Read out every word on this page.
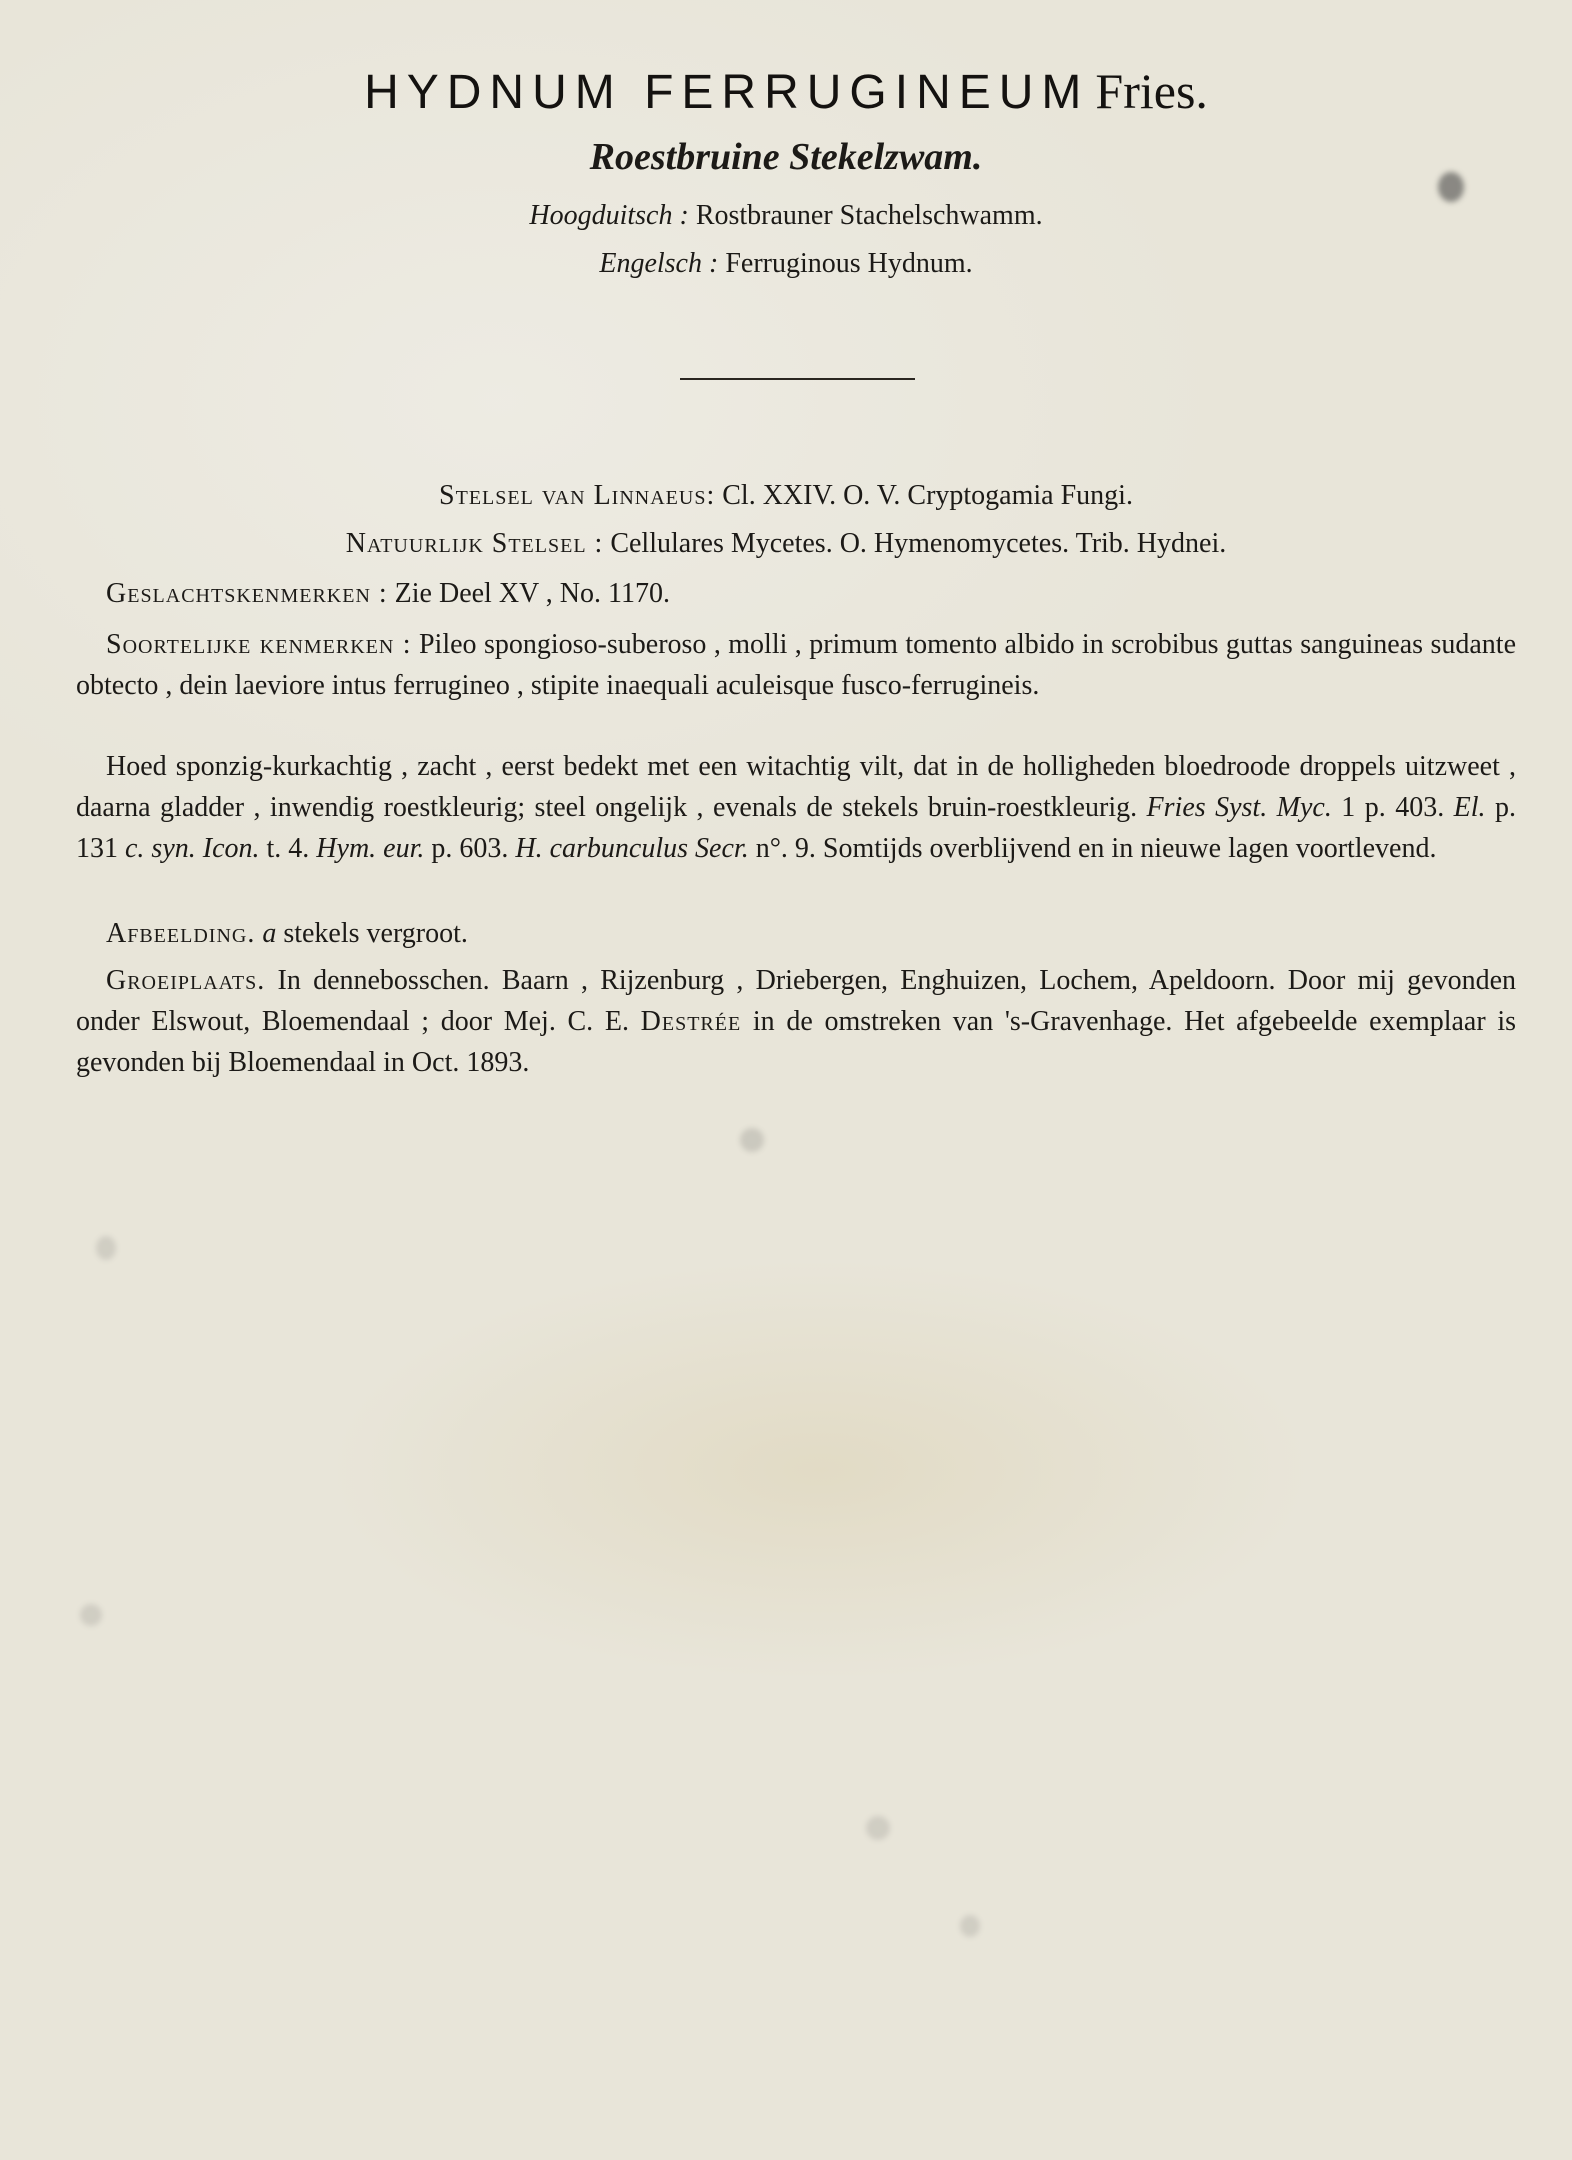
HYDNUM FERRUGINEUM Fries.
Roestbruine Stekelzwam.
Hoogduitsch : Rostbrauner Stachelschwamm.
Engelsch : Ferruginous Hydnum.
Stelsel van Linnaeus: Cl. XXIV. O. V. Cryptogamia Fungi.
Natuurlijk Stelsel : Cellulares Mycetes. O. Hymenomycetes. Trib. Hydnei.
Geslachtskenmerken : Zie Deel XV , No. 1170.
Soortelijke kenmerken : Pileo spongioso-suberoso , molli , primum tomento albido in scrobibus guttas sanguineas sudante obtecto , dein laeviore intus ferrugineo , stipite inaequali aculeisque fusco-ferrugineis.
Hoed sponzig-kurkachtig , zacht , eerst bedekt met een witachtig vilt, dat in de holligheden bloedroode droppels uitzweet , daarna gladder , inwendig roestkleurig; steel ongelijk , evenals de stekels bruin-roestkleurig. Fries Syst. Myc. 1 p. 403. El. p. 131 c. syn. Icon. t. 4. Hym. eur. p. 603. H. carbunculus Secr. n°. 9. Somtijds overblijvend en in nieuwe lagen voortlevend.
Afbeelding. a stekels vergroot.
Groeiplaats. In dennebosschen. Baarn , Rijzenburg , Driebergen, Enghuizen, Lochem, Apeldoorn. Door mij gevonden onder Elswout, Bloemendaal ; door Mej. C. E. Destrée in de omstreken van 's-Gravenhage. Het afgebeelde exemplaar is gevonden bij Bloemendaal in Oct. 1893.
